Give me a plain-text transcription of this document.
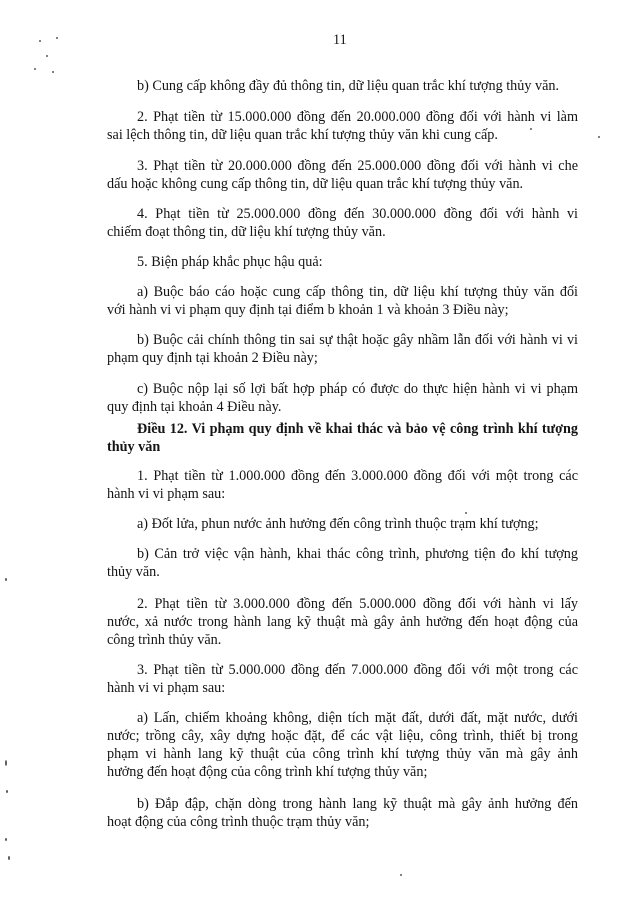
11
b) Cung cấp không đầy đủ thông tin, dữ liệu quan trắc khí tượng thủy văn.
2. Phạt tiền từ 15.000.000 đồng đến 20.000.000 đồng đối với hành vi làm
sai lệch thông tin, dữ liệu quan trắc khí tượng thủy văn khi cung cấp.
3. Phạt tiền từ 20.000.000 đồng đến 25.000.000 đồng đối với hành vi che
dấu hoặc không cung cấp thông tin, dữ liệu quan trắc khí tượng thủy văn.
4. Phạt tiền từ 25.000.000 đồng đến 30.000.000 đồng đối với hành vi
chiếm đoạt thông tin, dữ liệu khí tượng thủy văn.
5. Biện pháp khắc phục hậu quả:
a) Buộc báo cáo hoặc cung cấp thông tin, dữ liệu khí tượng thủy văn đối
với hành vi vi phạm quy định tại điểm b khoản 1 và khoản 3 Điều này;
b) Buộc cải chính thông tin sai sự thật hoặc gây nhầm lẫn đối với hành vi vi
phạm quy định tại khoản 2 Điều này;
c) Buộc nộp lại số lợi bất hợp pháp có được do thực hiện hành vi vi phạm
quy định tại khoản 4 Điều này.
Điều 12. Vi phạm quy định về khai thác và bảo vệ công trình khí tượng
thủy văn
1. Phạt tiền từ 1.000.000 đồng đến 3.000.000 đồng đối với một trong các
hành vi vi phạm sau:
a) Đốt lửa, phun nước ảnh hưởng đến công trình thuộc trạm khí tượng;
b) Cản trở việc vận hành, khai thác công trình, phương tiện đo khí tượng
thủy văn.
2. Phạt tiền từ 3.000.000 đồng đến 5.000.000 đồng đối với hành vi lấy
nước, xả nước trong hành lang kỹ thuật mà gây ảnh hưởng đến hoạt động của
công trình thủy văn.
3. Phạt tiền từ 5.000.000 đồng đến 7.000.000 đồng đối với một trong các
hành vi vi phạm sau:
a) Lấn, chiếm khoảng không, diện tích mặt đất, dưới đất, mặt nước, dưới
nước; trồng cây, xây dựng hoặc đặt, để các vật liệu, công trình, thiết bị trong
phạm vi hành lang kỹ thuật của công trình khí tượng thủy văn mà gây ảnh
hưởng đến hoạt động của công trình khí tượng thủy văn;
b) Đắp đập, chặn dòng trong hành lang kỹ thuật mà gây ảnh hưởng đến
hoạt động của công trình thuộc trạm thủy văn;
